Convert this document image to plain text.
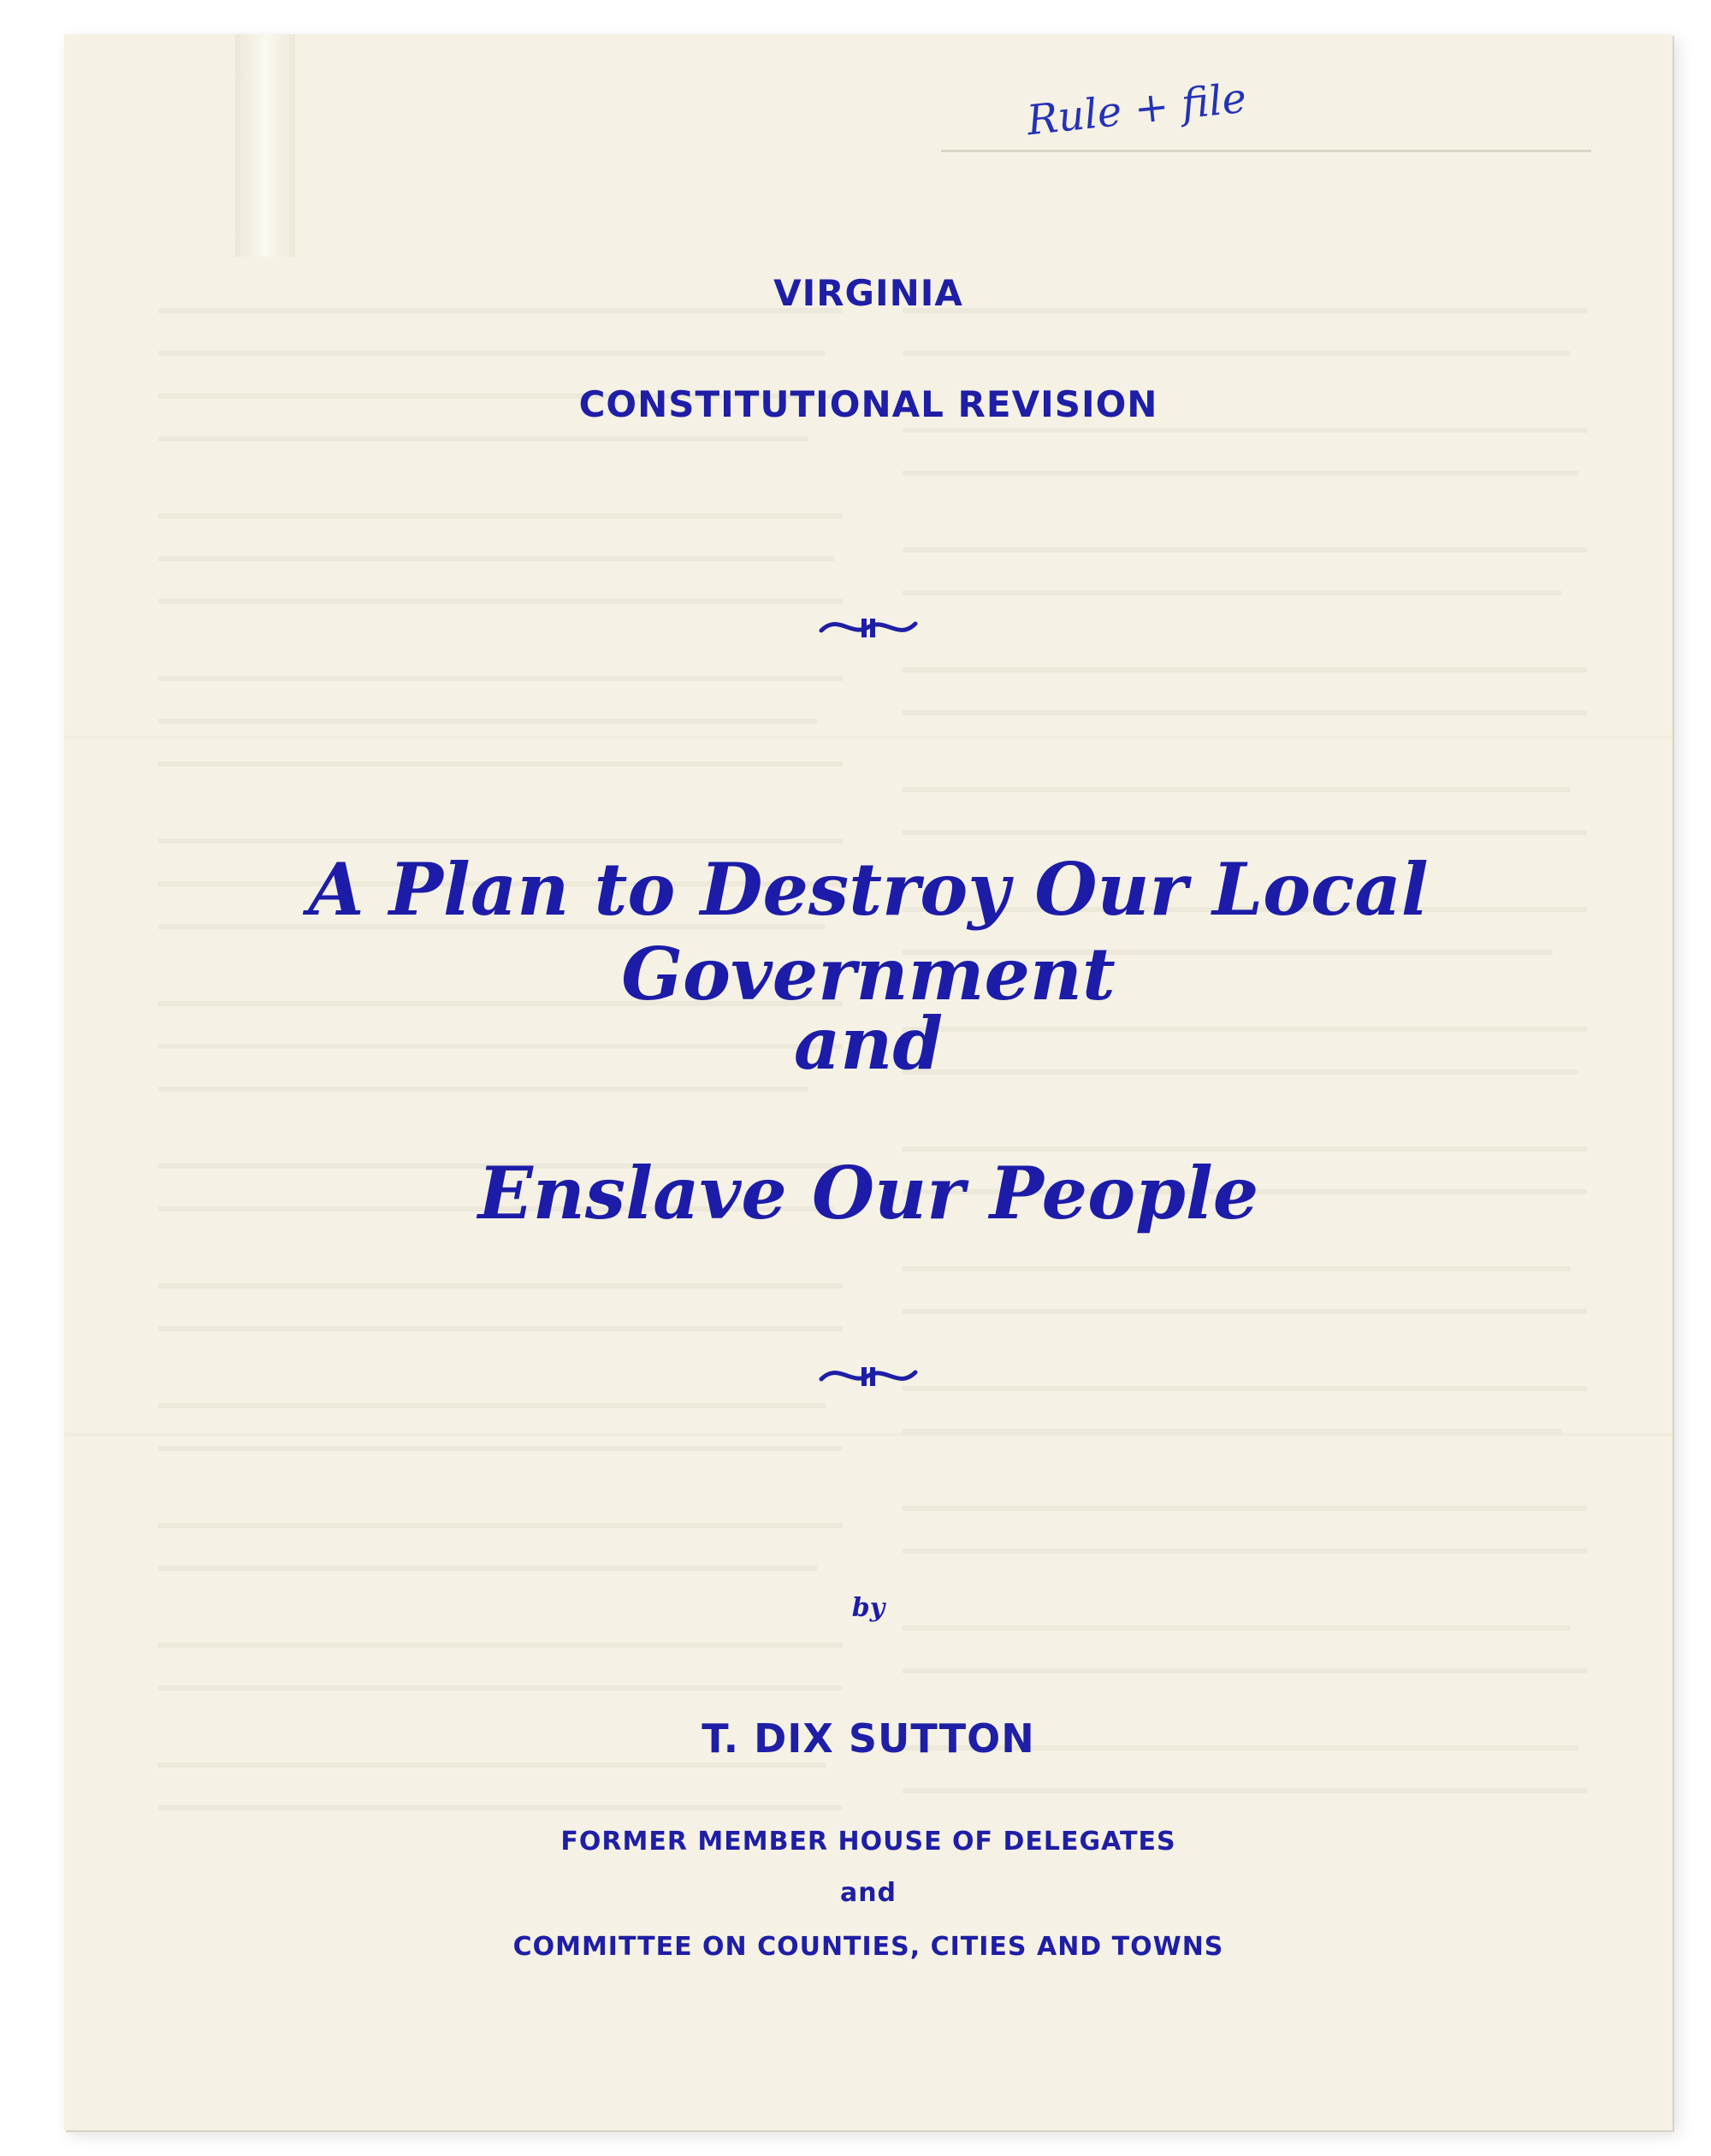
Rule + file
VIRGINIA
CONSTITUTIONAL REVISION
A Plan to Destroy Our Local Government
and
Enslave Our People
by
T. DIX SUTTON
FORMER MEMBER HOUSE OF DELEGATES
and
COMMITTEE ON COUNTIES, CITIES AND TOWNS
